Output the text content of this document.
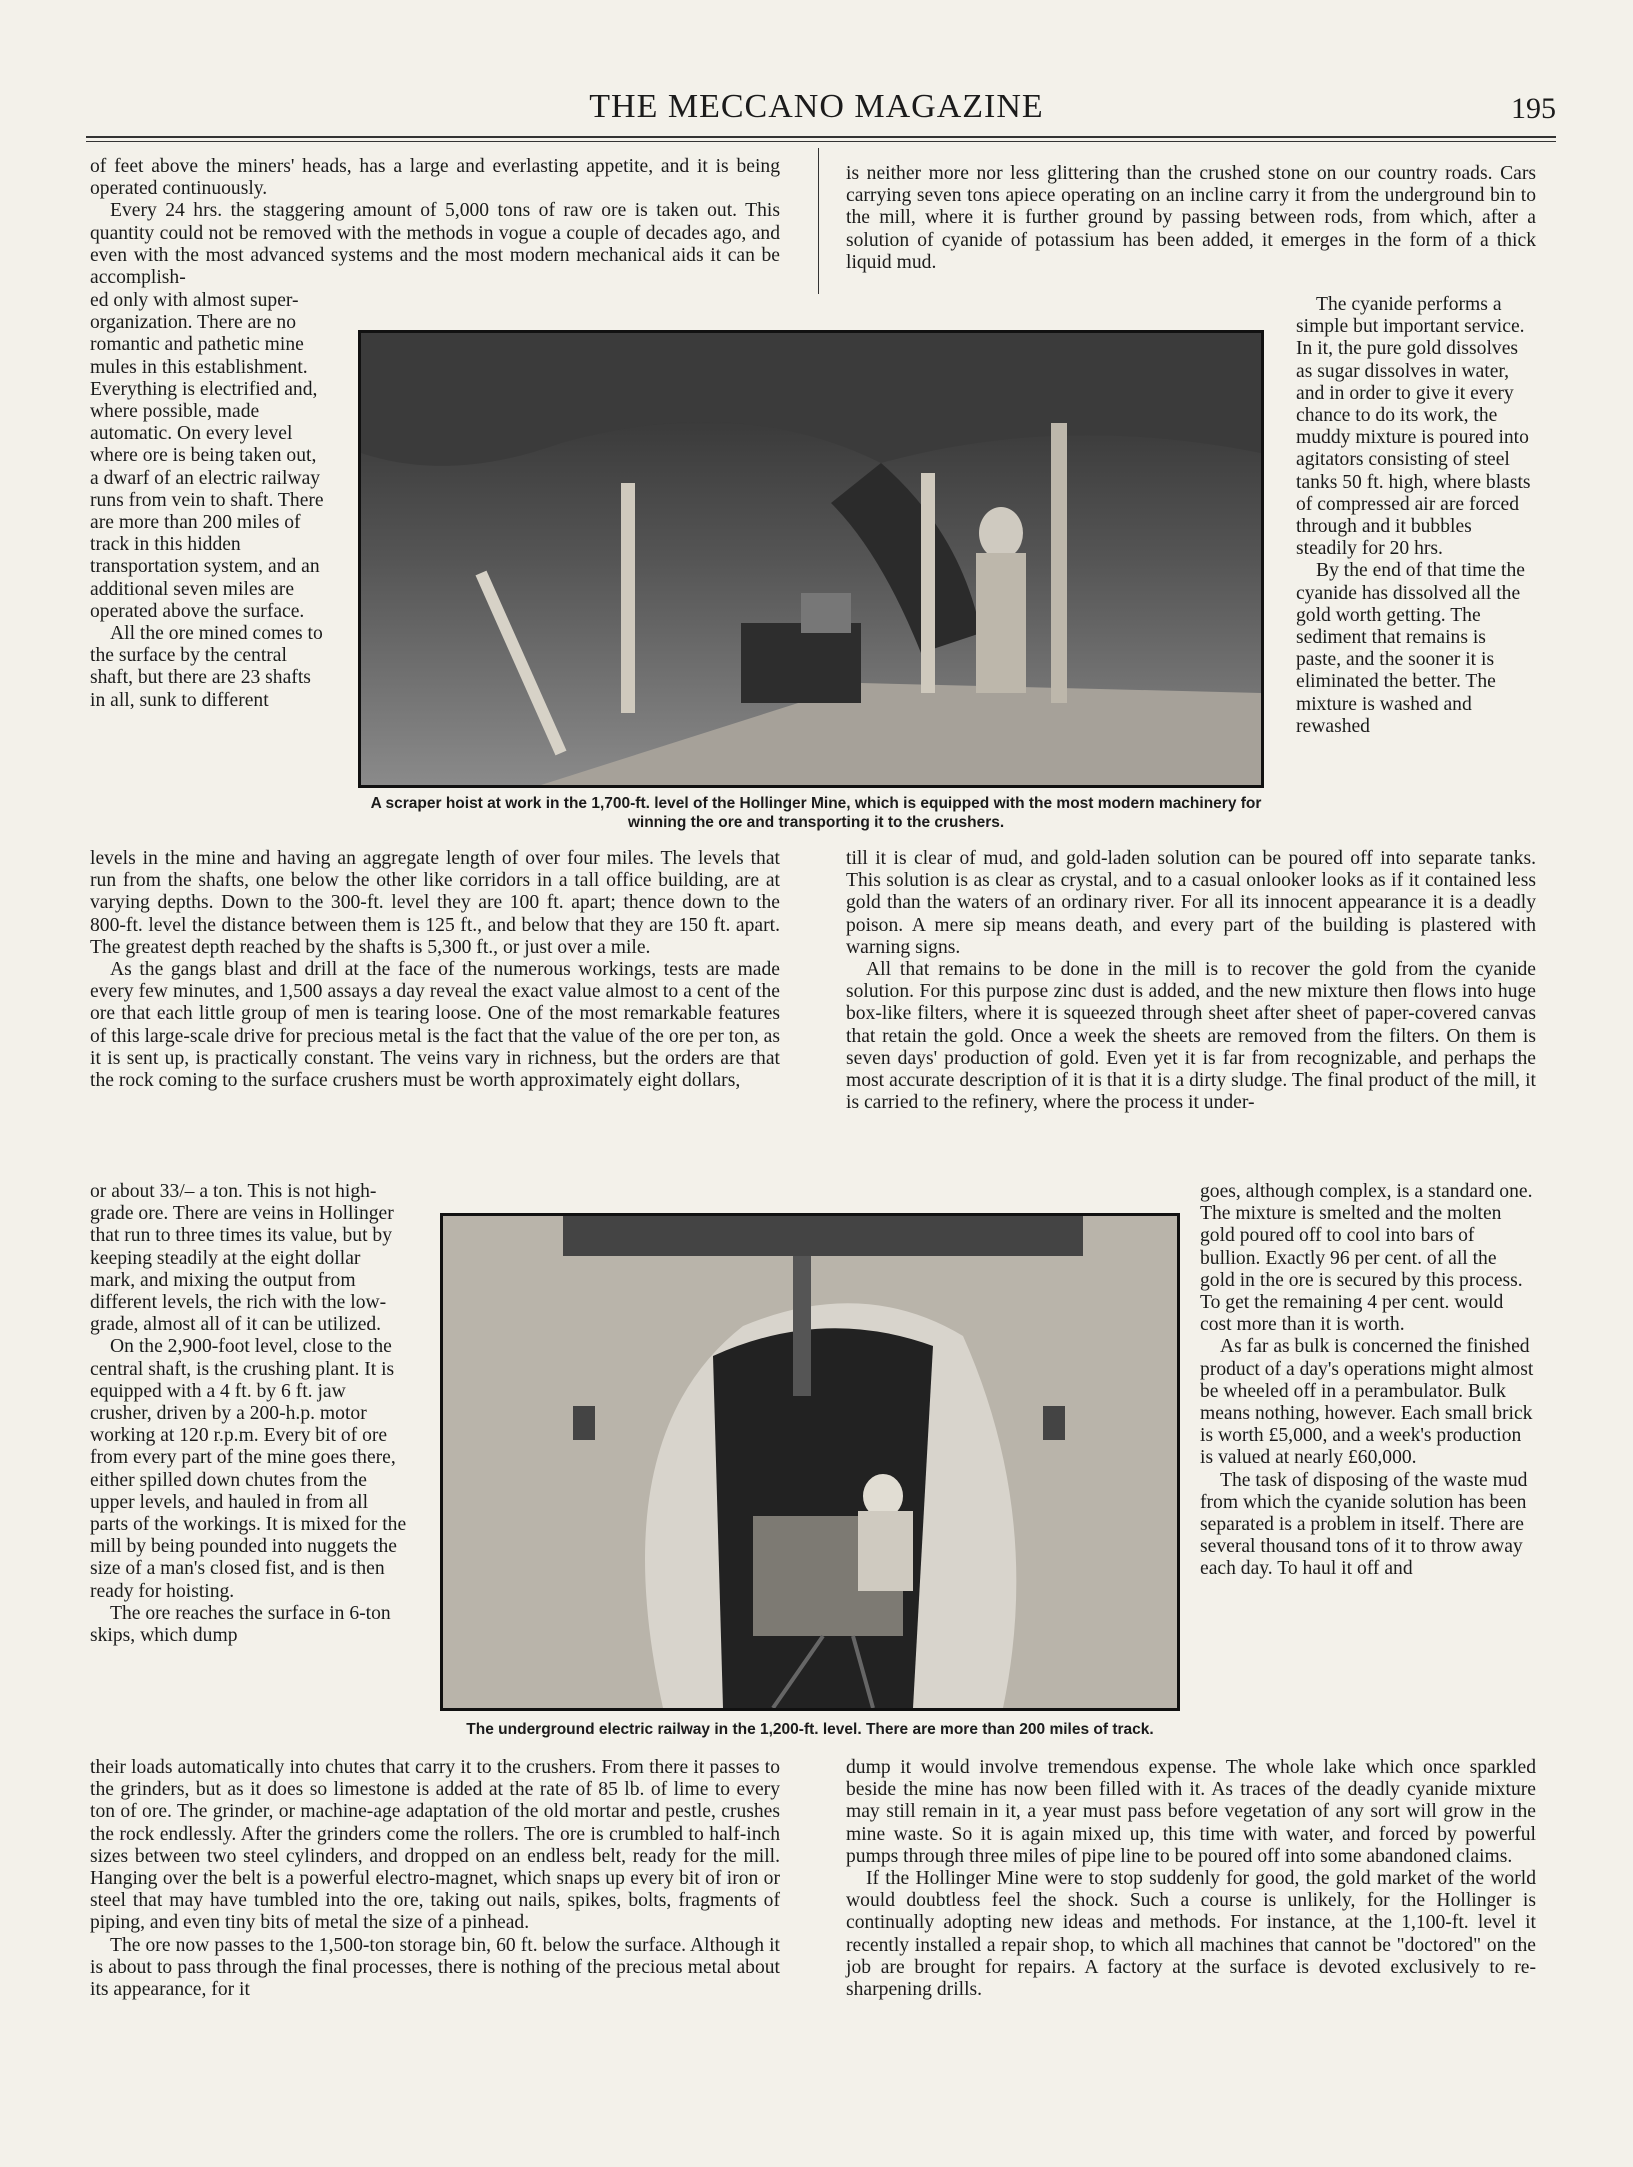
THE MECCANO MAGAZINE	195

of feet above the miners' heads, has a large and everlasting appetite, and it is being operated continuously.

Every 24 hrs. the staggering amount of 5,000 tons of raw ore is taken out. This quantity could not be removed with the methods in vogue a couple of decades ago, and even with the most advanced systems and the most modern mechanical aids it can be accomplish-

ed only with almost super-organization. There are no romantic and pathetic mine mules in this establishment. Everything is electrified and, where possible, made automatic. On every level where ore is being taken out, a dwarf of an electric railway runs from vein to shaft. There are more than 200 miles of track in this hidden transportation system, and an additional seven miles are operated above the surface.

All the ore mined comes to the surface by the central shaft, but there are 23 shafts in all, sunk to different

is neither more nor less glittering than the crushed stone on our country roads. Cars carrying seven tons apiece operating on an incline carry it from the underground bin to the mill, where it is further ground by passing between rods, from which, after a solution of cyanide of potassium has been added, it emerges in the form of a thick liquid mud.

The cyanide performs a simple but important service. In it, the pure gold dissolves as sugar dissolves in water, and in order to give it every chance to do its work, the muddy mixture is poured into agitators consisting of steel tanks 50 ft. high, where blasts of compressed air are forced through and it bubbles steadily for 20 hrs.

By the end of that time the cyanide has dissolved all the gold worth getting. The sediment that remains is paste, and the sooner it is eliminated the better. The mixture is washed and rewashed

A scraper hoist at work in the 1,700-ft. level of the Hollinger Mine, which is equipped with the most modern machinery for winning the ore and transporting it to the crushers.

levels in the mine and having an aggregate length of over four miles. The levels that run from the shafts, one below the other like corridors in a tall office building, are at varying depths. Down to the 300-ft. level they are 100 ft. apart; thence down to the 800-ft. level the distance between them is 125 ft., and below that they are 150 ft. apart. The greatest depth reached by the shafts is 5,300 ft., or just over a mile.

As the gangs blast and drill at the face of the numerous workings, tests are made every few minutes, and 1,500 assays a day reveal the exact value almost to a cent of the ore that each little group of men is tearing loose. One of the most remarkable features of this large-scale drive for precious metal is the fact that the value of the ore per ton, as it is sent up, is practically constant. The veins vary in richness, but the orders are that the rock coming to the surface crushers must be worth approximately eight dollars,

till it is clear of mud, and gold-laden solution can be poured off into separate tanks. This solution is as clear as crystal, and to a casual onlooker looks as if it contained less gold than the waters of an ordinary river. For all its innocent appearance it is a deadly poison. A mere sip means death, and every part of the building is plastered with warning signs.

All that remains to be done in the mill is to recover the gold from the cyanide solution. For this purpose zinc dust is added, and the new mixture then flows into huge box-like filters, where it is squeezed through sheet after sheet of paper-covered canvas that retain the gold. Once a week the sheets are removed from the filters. On them is seven days' production of gold. Even yet it is far from recognizable, and perhaps the most accurate description of it is that it is a dirty sludge. The final product of the mill, it is carried to the refinery, where the process it under-

or about 33/– a ton. This is not high-grade ore. There are veins in Hollinger that run to three times its value, but by keeping steadily at the eight dollar mark, and mixing the output from different levels, the rich with the low-grade, almost all of it can be utilized.

On the 2,900-foot level, close to the central shaft, is the crushing plant. It is equipped with a 4 ft. by 6 ft. jaw crusher, driven by a 200-h.p. motor working at 120 r.p.m. Every bit of ore from every part of the mine goes there, either spilled down chutes from the upper levels, and hauled in from all parts of the workings. It is mixed for the mill by being pounded into nuggets the size of a man's closed fist, and is then ready for hoisting.

The ore reaches the surface in 6-ton skips, which dump

goes, although complex, is a standard one. The mixture is smelted and the molten gold poured off to cool into bars of bullion. Exactly 96 per cent. of all the gold in the ore is secured by this process. To get the remaining 4 per cent. would cost more than it is worth.

As far as bulk is concerned the finished product of a day's operations might almost be wheeled off in a perambulator. Bulk means nothing, however. Each small brick is worth £5,000, and a week's production is valued at nearly £60,000.

The task of disposing of the waste mud from which the cyanide solution has been separated is a problem in itself. There are several thousand tons of it to throw away each day. To haul it off and

The underground electric railway in the 1,200-ft. level. There are more than 200 miles of track.

their loads automatically into chutes that carry it to the crushers. From there it passes to the grinders, but as it does so limestone is added at the rate of 85 lb. of lime to every ton of ore. The grinder, or machine-age adaptation of the old mortar and pestle, crushes the rock endlessly. After the grinders come the rollers. The ore is crumbled to half-inch sizes between two steel cylinders, and dropped on an endless belt, ready for the mill. Hanging over the belt is a powerful electro-magnet, which snaps up every bit of iron or steel that may have tumbled into the ore, taking out nails, spikes, bolts, fragments of piping, and even tiny bits of metal the size of a pinhead.

The ore now passes to the 1,500-ton storage bin, 60 ft. below the surface. Although it is about to pass through the final processes, there is nothing of the precious metal about its appearance, for it

dump it would involve tremendous expense. The whole lake which once sparkled beside the mine has now been filled with it. As traces of the deadly cyanide mixture may still remain in it, a year must pass before vegetation of any sort will grow in the mine waste. So it is again mixed up, this time with water, and forced by powerful pumps through three miles of pipe line to be poured off into some abandoned claims.

If the Hollinger Mine were to stop suddenly for good, the gold market of the world would doubtless feel the shock. Such a course is unlikely, for the Hollinger is continually adopting new ideas and methods. For instance, at the 1,100-ft. level it recently installed a repair shop, to which all machines that cannot be "doctored" on the job are brought for repairs. A factory at the surface is devoted exclusively to re-sharpening drills.
